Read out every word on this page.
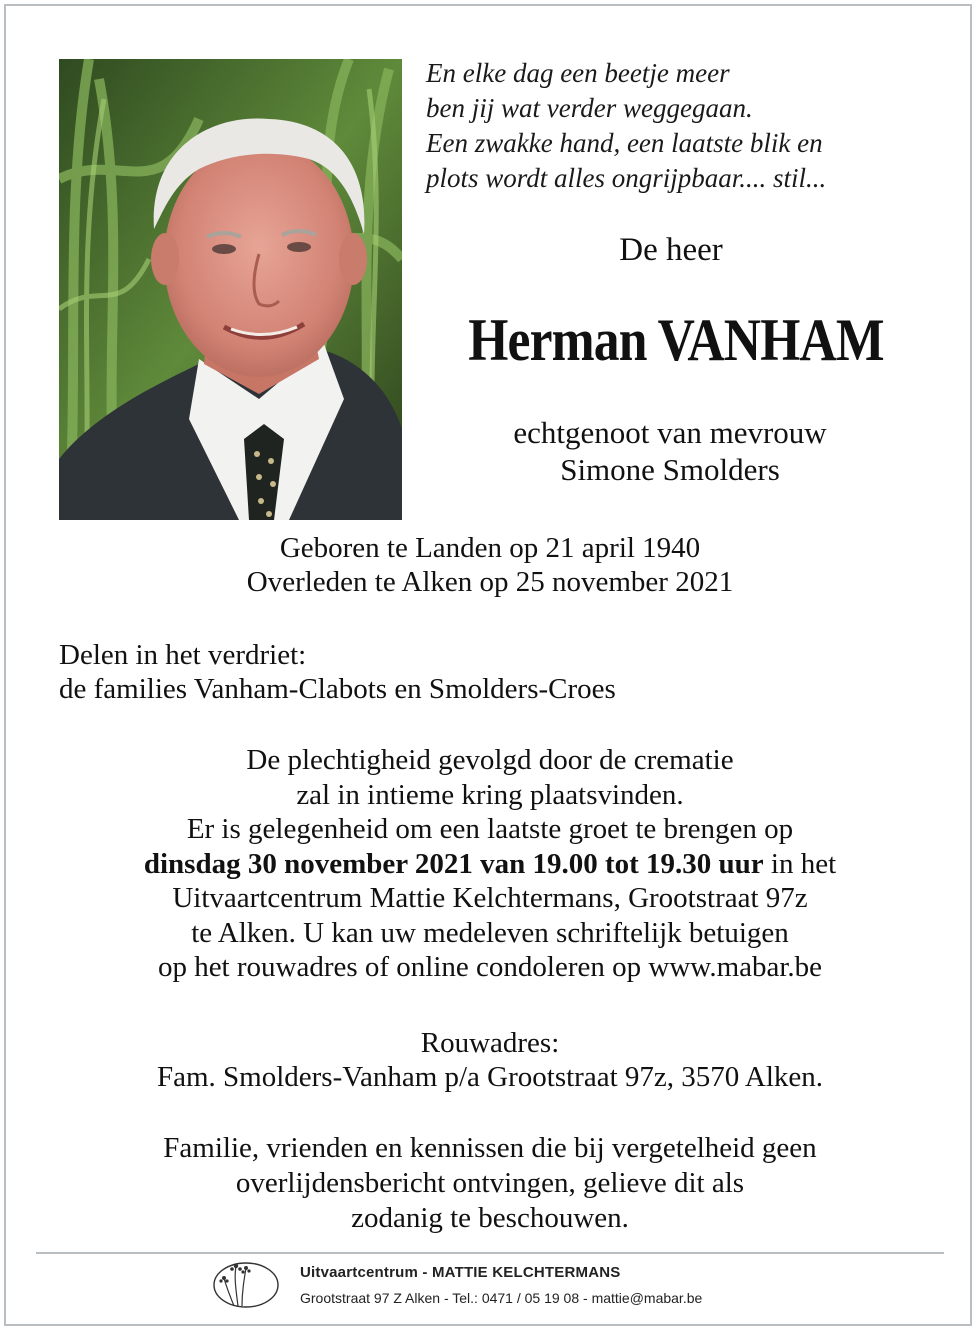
En elke dag een beetje meer
ben jij wat verder weggegaan.
Een zwakke hand, een laatste blik en
plots wordt alles ongrijpbaar.... stil...
De heer
Herman VANHAM
echtgenoot van mevrouw
Simone Smolders
Geboren te Landen op 21 april 1940
Overleden te Alken op 25 november 2021
Delen in het verdriet:
de families Vanham-Clabots en Smolders-Croes
De plechtigheid gevolgd door de crematie
zal in intieme kring plaatsvinden.
Er is gelegenheid om een laatste groet te brengen op
dinsdag 30 november 2021 van 19.00 tot 19.30 uur in het
Uitvaartcentrum Mattie Kelchtermans, Grootstraat 97z
te Alken. U kan uw medeleven schriftelijk betuigen
op het rouwadres of online condoleren op www.mabar.be
Rouwadres:
Fam. Smolders-Vanham p/a Grootstraat 97z, 3570 Alken.
Familie, vrienden en kennissen die bij vergetelheid geen
overlijdensbericht ontvingen, gelieve dit als
zodanig te beschouwen.
Uitvaartcentrum - MATTIE KELCHTERMANS
Grootstraat 97 Z Alken - Tel.: 0471 / 05 19 08 - mattie@mabar.be
